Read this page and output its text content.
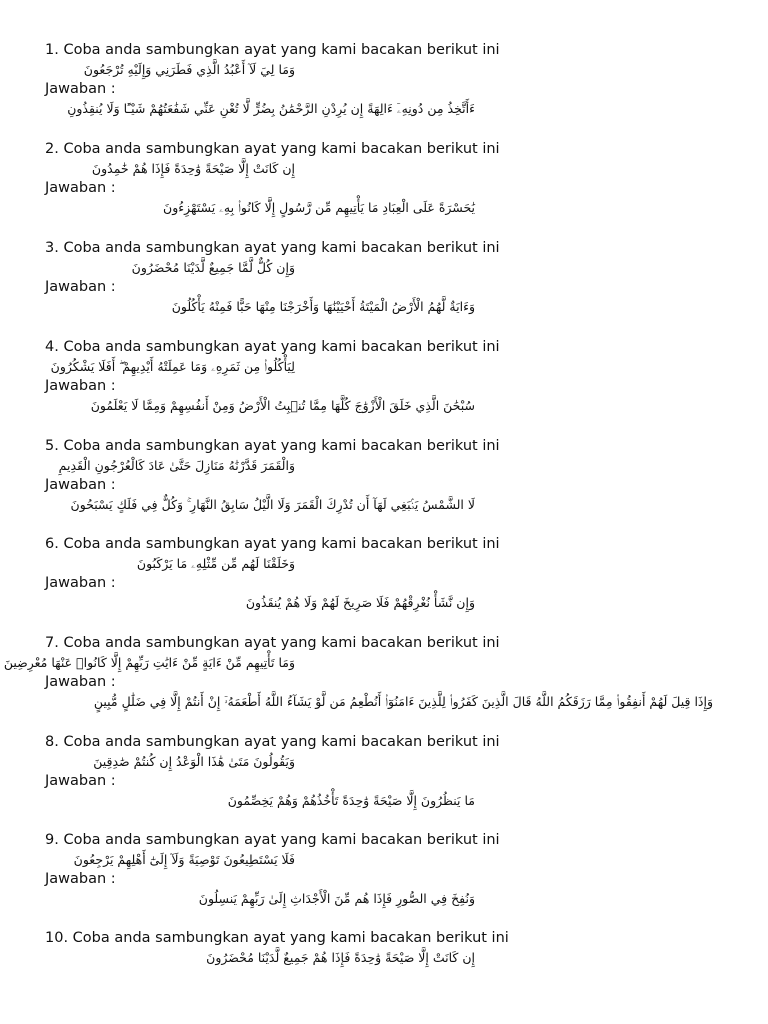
1. Coba anda sambungkan ayat yang kami bacakan berikut ini
وَمَا لِيَ لَآ أَعْبُدُ الَّذِي فَطَرَنِي وَإِلَيْهِ تُرْجَعُونَ
Jawaban :
ءَأَتَّخِذُ مِن دُونِهِۦٓ ءَالِهَةً إِن يُرِدْنِ الرَّحْمَٰنُ بِضُرٍّ لَّا تُغْنِ عَنِّي شَفَٰعَتُهُمْ شَيْـًٔا وَلَا يُنقِذُونِ
2. Coba anda sambungkan ayat yang kami bacakan berikut ini
إِن كَانَتْ إِلَّا صَيْحَةً وَٰحِدَةً فَإِذَا هُمْ خَٰمِدُونَ
Jawaban :
يَٰحَسْرَةً عَلَى الْعِبَادِ مَا يَأْتِيهِم مِّن رَّسُولٍ إِلَّا كَانُوا۟ بِهِۦ يَسْتَهْزِءُونَ
3. Coba anda sambungkan ayat yang kami bacakan berikut ini
وَإِن كُلٌّ لَّمَّا جَمِيعٌ لَّدَيْنَا مُحْضَرُونَ
Jawaban :
وَءَايَةٌ لَّهُمُ الْأَرْضُ الْمَيْتَةُ أَحْيَيْنَٰهَا وَأَخْرَجْنَا مِنْهَا حَبًّا فَمِنْهُ يَأْكُلُونَ
4. Coba anda sambungkan ayat yang kami bacakan berikut ini
لِيَأْكُلُوا۟ مِن ثَمَرِهِۦ وَمَا عَمِلَتْهُ أَيْدِيهِمْ ۖ أَفَلَا يَشْكُرُونَ
Jawaban :
سُبْحَٰنَ الَّذِي خَلَقَ الْأَزْوَٰجَ كُلَّهَا مِمَّا تُنۢبِتُ الْأَرْضُ وَمِنْ أَنفُسِهِمْ وَمِمَّا لَا يَعْلَمُونَ
5. Coba anda sambungkan ayat yang kami bacakan berikut ini
وَالْقَمَرَ قَدَّرْنَٰهُ مَنَازِلَ حَتَّىٰ عَادَ كَالْعُرْجُونِ الْقَدِيمِ
Jawaban :
لَا الشَّمْسُ يَنۢبَغِي لَهَآ أَن تُدْرِكَ الْقَمَرَ وَلَا الَّيْلُ سَابِقُ النَّهَارِ ۚ وَكُلٌّ فِي فَلَكٍ يَسْبَحُونَ
6. Coba anda sambungkan ayat yang kami bacakan berikut ini
وَخَلَقْنَا لَهُم مِّن مِّثْلِهِۦ مَا يَرْكَبُونَ
Jawaban :
وَإِن نَّشَأْ نُغْرِقْهُمْ فَلَا صَرِيخَ لَهُمْ وَلَا هُمْ يُنقَذُونَ
7. Coba anda sambungkan ayat yang kami bacakan berikut ini
وَمَا تَأْتِيهِم مِّنْ ءَايَةٍ مِّنْ ءَايَٰتِ رَبِّهِمْ إِلَّا كَانُوا۟ عَنْهَا مُعْرِضِينَ
Jawaban :
وَإِذَا قِيلَ لَهُمْ أَنفِقُوا۟ مِمَّا رَزَقَكُمُ اللَّهُ قَالَ الَّذِينَ كَفَرُوا۟ لِلَّذِينَ ءَامَنُوٓا۟ أَنُطْعِمُ مَن لَّوْ يَشَآءُ اللَّهُ أَطْعَمَهُۥٓ إِنْ أَنتُمْ إِلَّا فِي ضَلَٰلٍ مُّبِينٍ
8. Coba anda sambungkan ayat yang kami bacakan berikut ini
وَيَقُولُونَ مَتَىٰ هَٰذَا الْوَعْدُ إِن كُنتُمْ صَٰدِقِينَ
Jawaban :
مَا يَنظُرُونَ إِلَّا صَيْحَةً وَٰحِدَةً تَأْخُذُهُمْ وَهُمْ يَخِصِّمُونَ
9. Coba anda sambungkan ayat yang kami bacakan berikut ini
فَلَا يَسْتَطِيعُونَ تَوْصِيَةً وَلَآ إِلَىٰٓ أَهْلِهِمْ يَرْجِعُونَ
Jawaban :
وَنُفِخَ فِي الصُّورِ فَإِذَا هُم مِّنَ الْأَجْدَاثِ إِلَىٰ رَبِّهِمْ يَنسِلُونَ
10. Coba anda sambungkan ayat yang kami bacakan berikut ini
إِن كَانَتْ إِلَّا صَيْحَةً وَٰحِدَةً فَإِذَا هُمْ جَمِيعٌ لَّدَيْنَا مُحْضَرُونَ
